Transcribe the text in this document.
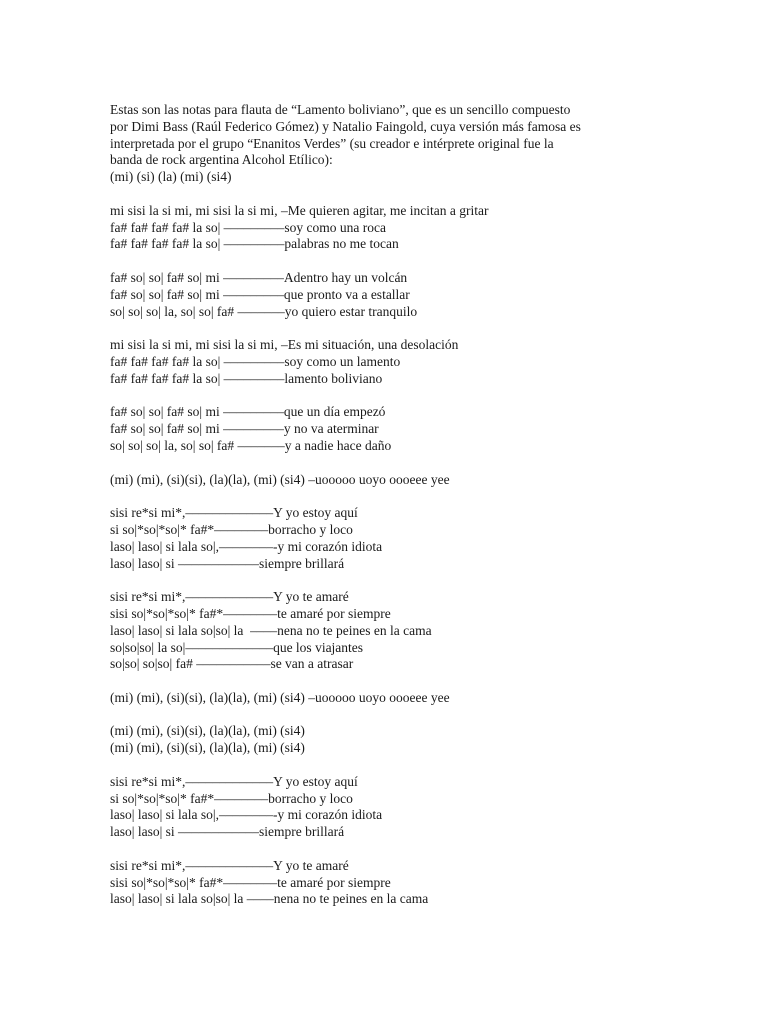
Estas son las notas para flauta de “Lamento boliviano”, que es un sencillo compuesto
por Dimi Bass (Raúl Federico Gómez) y Natalio Faingold, cuya versión más famosa es
interpretada por el grupo “Enanitos Verdes” (su creador e intérprete original fue la
banda de rock argentina Alcohol Etílico):
(mi) (si) (la) (mi) (si4)
mi sisi la si mi, mi sisi la si mi, –Me quieren agitar, me incitan a gritar
fa# fa# fa# fa# la so| –––––––––soy como una roca
fa# fa# fa# fa# la so| –––––––––palabras no me tocan
fa# so| so| fa# so| mi –––––––––Adentro hay un volcán
fa# so| so| fa# so| mi –––––––––que pronto va a estallar
so| so| so| la, so| so| fa# –––––––yo quiero estar tranquilo
mi sisi la si mi, mi sisi la si mi, –Es mi situación, una desolación
fa# fa# fa# fa# la so| –––––––––soy como un lamento
fa# fa# fa# fa# la so| –––––––––lamento boliviano
fa# so| so| fa# so| mi –––––––––que un día empezó
fa# so| so| fa# so| mi –––––––––y no va aterminar
so| so| so| la, so| so| fa# –––––––y a nadie hace daño
(mi) (mi), (si)(si), (la)(la), (mi) (si4) –uooooo uoyo oooeee yee
sisi re*si mi*,–––––––––––––Y yo estoy aquí
si so|*so|*so|* fa#*––––––––borracho y loco
laso| laso| si lala so|,––––––––-y mi corazón idiota
laso| laso| si ––––––––––––siempre brillará
sisi re*si mi*,–––––––––––––Y yo te amaré
sisi so|*so|*so|* fa#*––––––––te amaré por siempre
laso| laso| si lala so|so| la  ––––nena no te peines en la cama
so|so|so| la so|–––––––––––––que los viajantes
so|so| so|so| fa# –––––––––––se van a atrasar
(mi) (mi), (si)(si), (la)(la), (mi) (si4) –uooooo uoyo oooeee yee
(mi) (mi), (si)(si), (la)(la), (mi) (si4)
(mi) (mi), (si)(si), (la)(la), (mi) (si4)
sisi re*si mi*,–––––––––––––Y yo estoy aquí
si so|*so|*so|* fa#*––––––––borracho y loco
laso| laso| si lala so|,––––––––-y mi corazón idiota
laso| laso| si ––––––––––––siempre brillará
sisi re*si mi*,–––––––––––––Y yo te amaré
sisi so|*so|*so|* fa#*––––––––te amaré por siempre
laso| laso| si lala so|so| la ––––nena no te peines en la cama
